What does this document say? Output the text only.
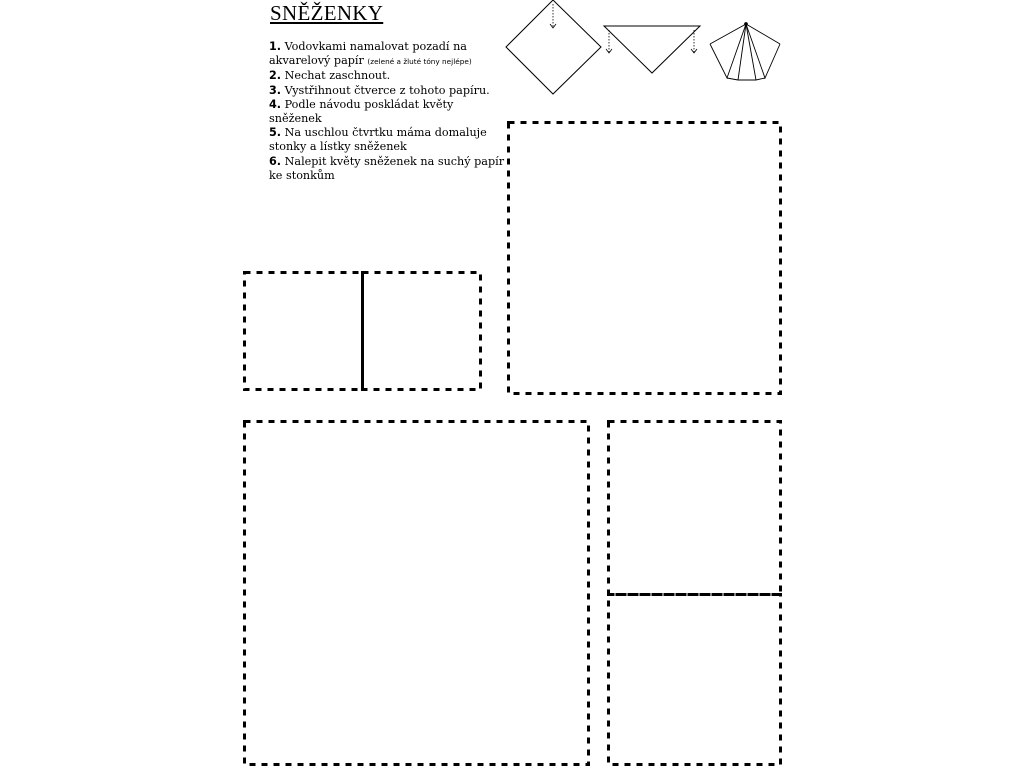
SNĚŽENKY
1. Vodovkami namalovat pozadí na akvarelový papír (zelené a žluté tóny nejlépe)
2. Nechat zaschnout.
3. Vystřihnout čtverce z tohoto papíru.
4. Podle návodu poskládat květy sněženek
5. Na uschlou čtvrtku máma domaluje stonky a lístky sněženek
6. Nalepit květy sněženek na suchý papír ke stonkům
